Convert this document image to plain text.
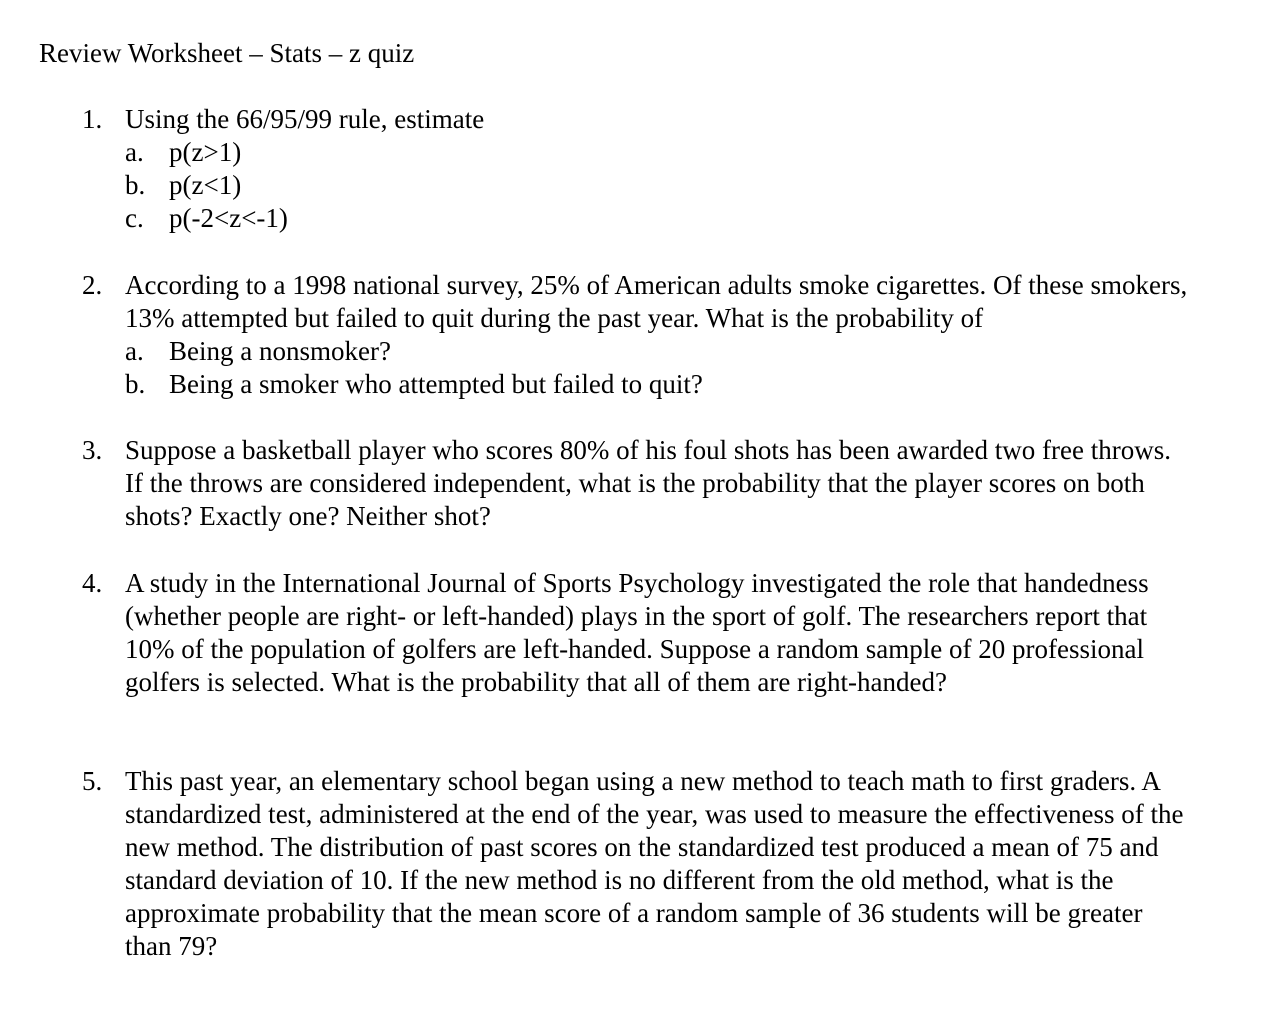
Review Worksheet – Stats – z quiz
1. Using the 66/95/99 rule, estimate
a. p(z>1)
b. p(z<1)
c. p(-2<z<-1)
2. According to a 1998 national survey, 25% of American adults smoke cigarettes. Of these smokers, 13% attempted but failed to quit during the past year. What is the probability of
a. Being a nonsmoker?
b. Being a smoker who attempted but failed to quit?
3. Suppose a basketball player who scores 80% of his foul shots has been awarded two free throws. If the throws are considered independent, what is the probability that the player scores on both shots? Exactly one? Neither shot?
4. A study in the International Journal of Sports Psychology investigated the role that handedness (whether people are right- or left-handed) plays in the sport of golf. The researchers report that 10% of the population of golfers are left-handed. Suppose a random sample of 20 professional golfers is selected. What is the probability that all of them are right-handed?
5. This past year, an elementary school began using a new method to teach math to first graders. A standardized test, administered at the end of the year, was used to measure the effectiveness of the new method. The distribution of past scores on the standardized test produced a mean of 75 and standard deviation of 10. If the new method is no different from the old method, what is the approximate probability that the mean score of a random sample of 36 students will be greater than 79?
